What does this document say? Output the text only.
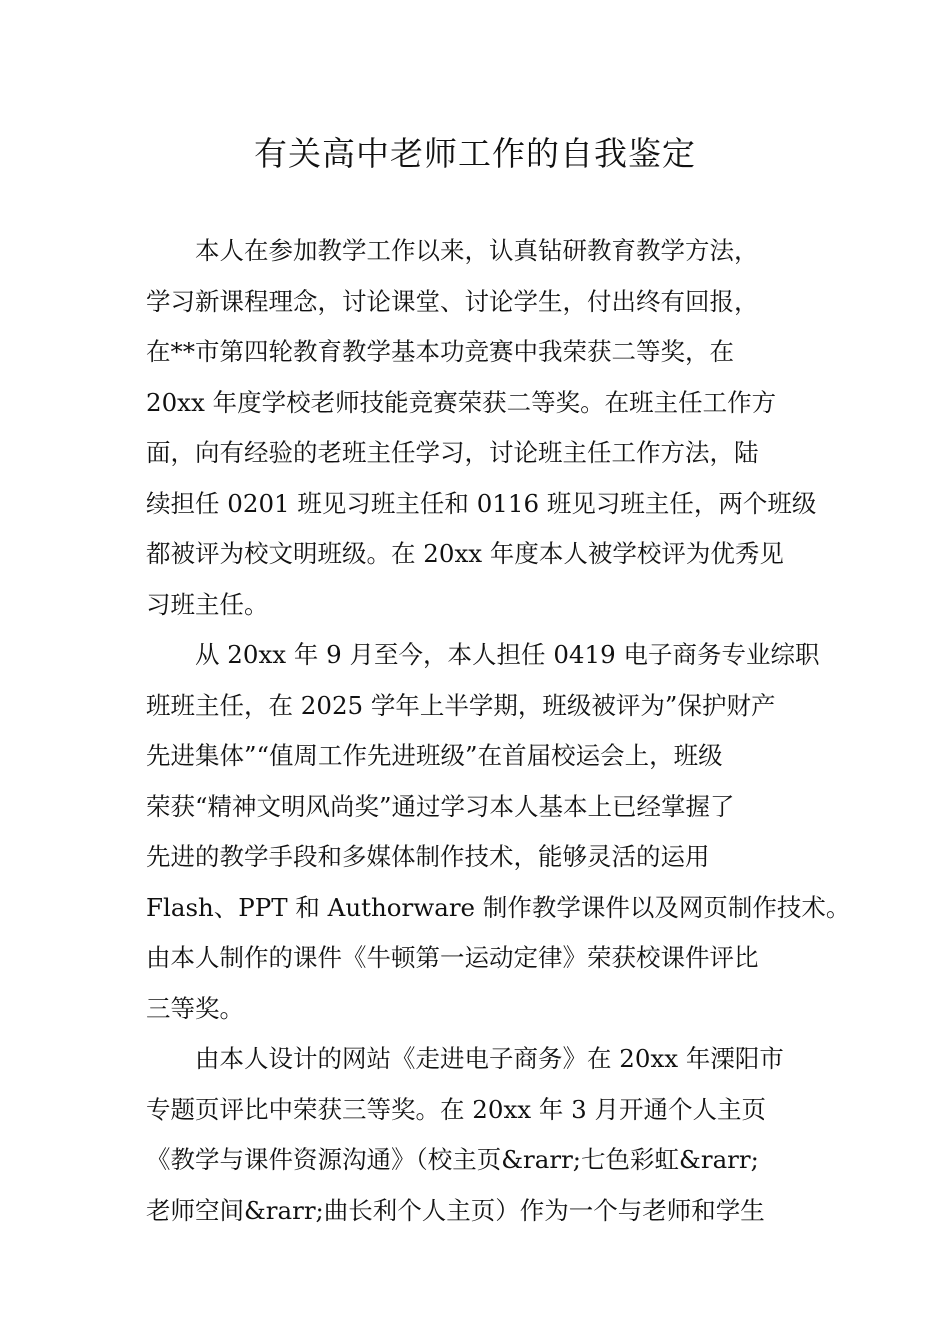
有关高中老师工作的自我鉴定
　　本人在参加教学工作以来，认真钻研教育教学方法，
学习新课程理念，讨论课堂、讨论学生，付出终有回报，
在**市第四轮教育教学基本功竞赛中我荣获二等奖，在
20xx 年度学校老师技能竞赛荣获二等奖。在班主任工作方
面，向有经验的老班主任学习，讨论班主任工作方法，陆
续担任 0201 班见习班主任和 0116 班见习班主任，两个班级
都被评为校文明班级。在 20xx 年度本人被学校评为优秀见
习班主任。
　　从 20xx 年 9 月至今，本人担任 0419 电子商务专业综职
班班主任，在 2025 学年上半学期，班级被评为”保护财产
先进集体”“值周工作先进班级”在首届校运会上，班级
荣获“精神文明风尚奖”通过学习本人基本上已经掌握了
先进的教学手段和多媒体制作技术，能够灵活的运用
Flash、PPT 和 Authorware 制作教学课件以及网页制作技术。
由本人制作的课件《牛顿第一运动定律》荣获校课件评比
三等奖。
　　由本人设计的网站《走进电子商务》在 20xx 年溧阳市
专题页评比中荣获三等奖。在 20xx 年 3 月开通个人主页
《教学与课件资源沟通》（校主页&rarr;七色彩虹&rarr;
老师空间&rarr;曲长利个人主页）作为一个与老师和学生
